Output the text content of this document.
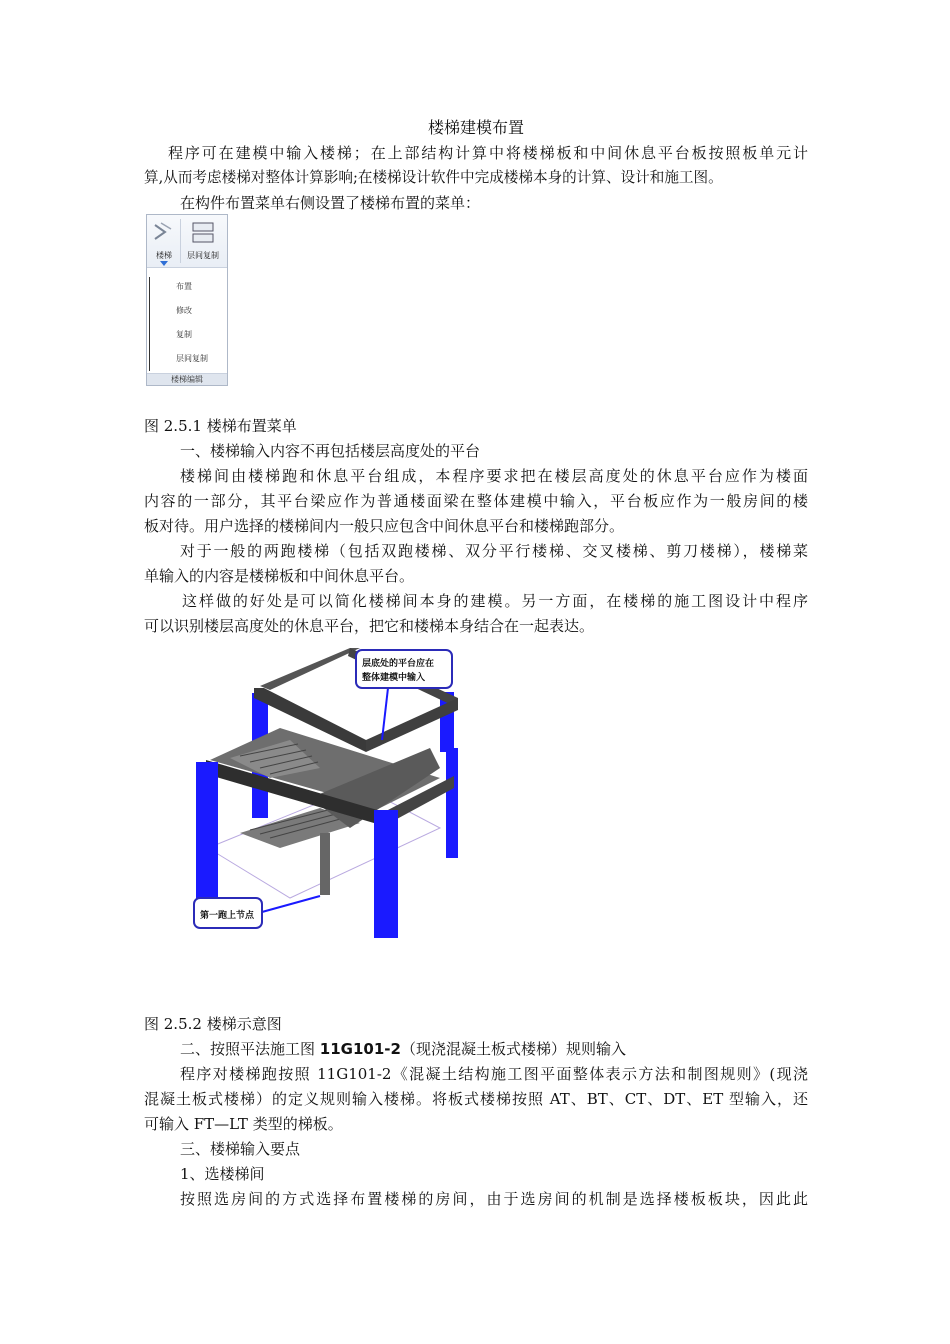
楼梯建模布置
程序可在建模中输入楼梯；在上部结构计算中将楼梯板和中间休息平台板按照板单元计
算,从而考虑楼梯对整体计算影响;在楼梯设计软件中完成楼梯本身的计算、设计和施工图。
在构件布置菜单右侧设置了楼梯布置的菜单：
楼梯	层间复制
布置
修改
复制
层间复制
楼梯编辑
图 2.5.1 楼梯布置菜单
一、楼梯输入内容不再包括楼层高度处的平台
楼梯间由楼梯跑和休息平台组成，本程序要求把在楼层高度处的休息平台应作为楼面
内容的一部分，其平台梁应作为普通楼面梁在整体建模中输入，平台板应作为一般房间的楼
板对待。用户选择的楼梯间内一般只应包含中间休息平台和楼梯跑部分。
对于一般的两跑楼梯（包括双跑楼梯、双分平行楼梯、交叉楼梯、剪刀楼梯），楼梯菜
单输入的内容是楼梯板和中间休息平台。
这样做的好处是可以简化楼梯间本身的建模。另一方面，在楼梯的施工图设计中程序
可以识别楼层高度处的休息平台，把它和楼梯本身结合在一起表达。
层底处的平台应在
整体建模中输入
第一跑上节点
图 2.5.2 楼梯示意图
二、按照平法施工图 11G101-2（现浇混凝土板式楼梯）规则输入
程序对楼梯跑按照 11G101-2《混凝土结构施工图平面整体表示方法和制图规则》(现浇
混凝土板式楼梯）的定义规则输入楼梯。将板式楼梯按照 AT、BT、CT、DT、ET 型输入，还
可输入 FT—LT 类型的梯板。
三、楼梯输入要点
1、选楼梯间
按照选房间的方式选择布置楼梯的房间，由于选房间的机制是选择楼板板块，因此此
